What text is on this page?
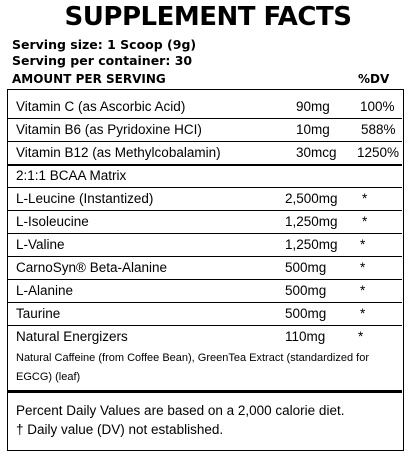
SUPPLEMENT FACTS
Serving size: 1 Scoop (9g)
Serving per container: 30
AMOUNT PER SERVING	%DV
Vitamin C (as Ascorbic Acid)	90mg 100%
Vitamin B6 (as Pyridoxine HCI)	10mg 588%
Vitamin B12 (as Methylcobalamin)	30mcg 1250%
2:1:1 BCAA Matrix
L-Leucine (Instantized)	2,500mg *
L-Isoleucine	1,250mg *
L-Valine	1,250mg *
CarnoSyn® Beta-Alanine	500mg *
L-Alanine	500mg *
Taurine	500mg *
Natural Energizers	110mg *
Natural Caffeine (from Coffee Bean), GreenTea Extract (standardized for
EGCG) (leaf)
Percent Daily Values are based on a 2,000 calorie diet.
† Daily value (DV) not established.
